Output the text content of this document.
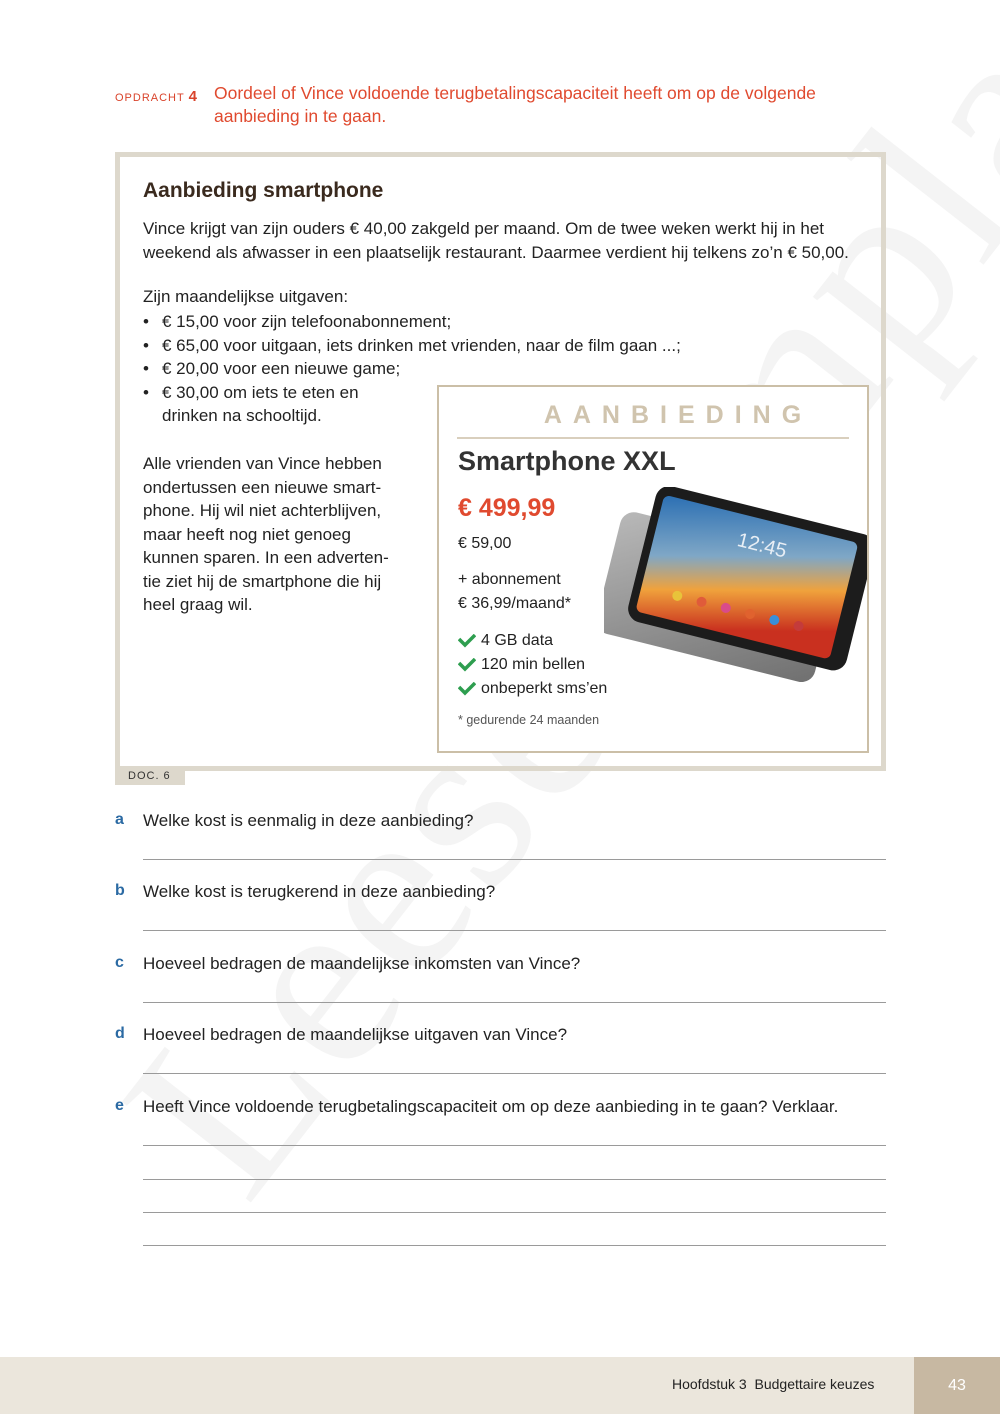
OPDRACHT 4 Oordeel of Vince voldoende terugbetalingscapaciteit heeft om op de volgende aanbieding in te gaan.
Aanbieding smartphone
Vince krijgt van zijn ouders € 40,00 zakgeld per maand. Om de twee weken werkt hij in het weekend als afwasser in een plaatselijk restaurant. Daarmee verdient hij telkens zo’n € 50,00.
Zijn maandelijkse uitgaven:
• € 15,00 voor zijn telefoonabonnement;
• € 65,00 voor uitgaan, iets drinken met vrienden, naar de film gaan ...;
• € 20,00 voor een nieuwe game;
• € 30,00 om iets te eten en drinken na schooltijd.
Alle vrienden van Vince hebben ondertussen een nieuwe smart-phone. Hij wil niet achterblijven, maar heeft nog niet genoeg kunnen sparen. In een adverten-tie ziet hij de smartphone die hij heel graag wil.
AANBIEDING
Smartphone XXL
€ 499,99
€ 59,00
+ abonnement
€ 36,99/maand*
4 GB data
120 min bellen
onbeperkt sms’en
* gedurende 24 maanden
12:45
DOC. 6
a Welke kost is eenmalig in deze aanbieding?
b Welke kost is terugkerend in deze aanbieding?
c Hoeveel bedragen de maandelijkse inkomsten van Vince?
d Hoeveel bedragen de maandelijkse uitgaven van Vince?
e Heeft Vince voldoende terugbetalingscapaciteit om op deze aanbieding in te gaan? Verklaar.
Hoofdstuk 3 Budgettaire keuzes	43
